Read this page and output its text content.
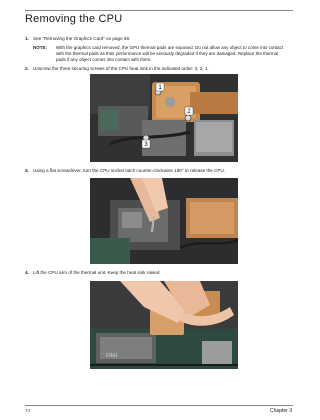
Removing the CPU
1. See “Removing the Graphics Card” on page 59.
NOTE: With the graphics card removed, the GPU thermal pads are exposed. Do not allow any object to come into contact with the thermal pads as their performance will be seriously degraded if they are damaged. Replace the thermal pads if any object comes into contact with them.
2. Unscrew the three securing screws of the CPU heat sink in the indicated order: 3, 2, 1.
1
2
3
3. Using a flat screwdriver, turn the CPU socket latch counter-clockwise 180° to release the CPU.
4. Lift the CPU arm of the thermal unit. Keep the heat sink raised.
intel
74	Chapter 3
